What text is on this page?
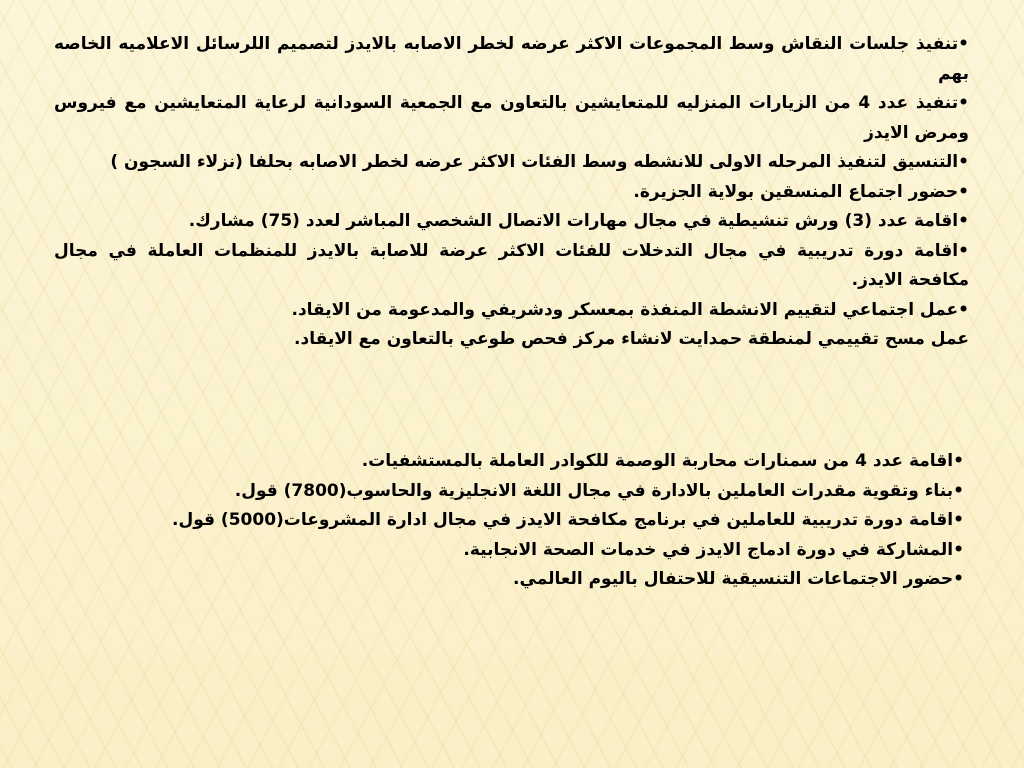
•تنفيذ جلسات النقاش وسط المجموعات الاكثر عرضه لخطر الاصابه بالايدز لتصميم اللرسائل الاعلاميه الخاصه بهم
•تنفيذ عدد 4 من الزيارات المنزليه للمتعايشين بالتعاون مع الجمعية السودانية لرعاية المتعايشين مع فيروس ومرض الايدز
•التنسيق لتنفيذ المرحله الاولى للانشطه وسط الفئات الاكثر عرضه لخطر الاصابه بحلفا (نزلاء السجون )
•حضور اجتماع المنسقين بولاية الجزيرة.
•اقامة عدد (3) ورش تنشيطية في مجال مهارات الاتصال الشخصي المباشر لعدد (75) مشارك.
•اقامة دورة تدريبية في مجال التدخلات للفئات الاكثر عرضة للاصابة بالايدز للمنظمات العاملة في مجال مكافحة الايدز.
•عمل اجتماعي لتقييم الانشطة المنفذة بمعسكر ودشريفي والمدعومة من الايقاد.
عمل مسح تقييمي لمنطقة حمدايت لانشاء مركز فحص طوعي بالتعاون مع الايقاد.
•اقامة عدد 4 من سمنارات محاربة الوصمة للكوادر العاملة بالمستشفيات.
•بناء وتقوية مقدرات العاملين بالادارة في مجال اللغة الانجليزية والحاسوب(7800) قول.
•اقامة دورة تدريبية للعاملين في برنامج مكافحة الايدز في مجال ادارة المشروعات(5000) قول.
•المشاركة في دورة ادماج الايدز في خدمات الصحة الانجابية.
•حضور الاجتماعات التنسيقية للاحتفال باليوم العالمي.
